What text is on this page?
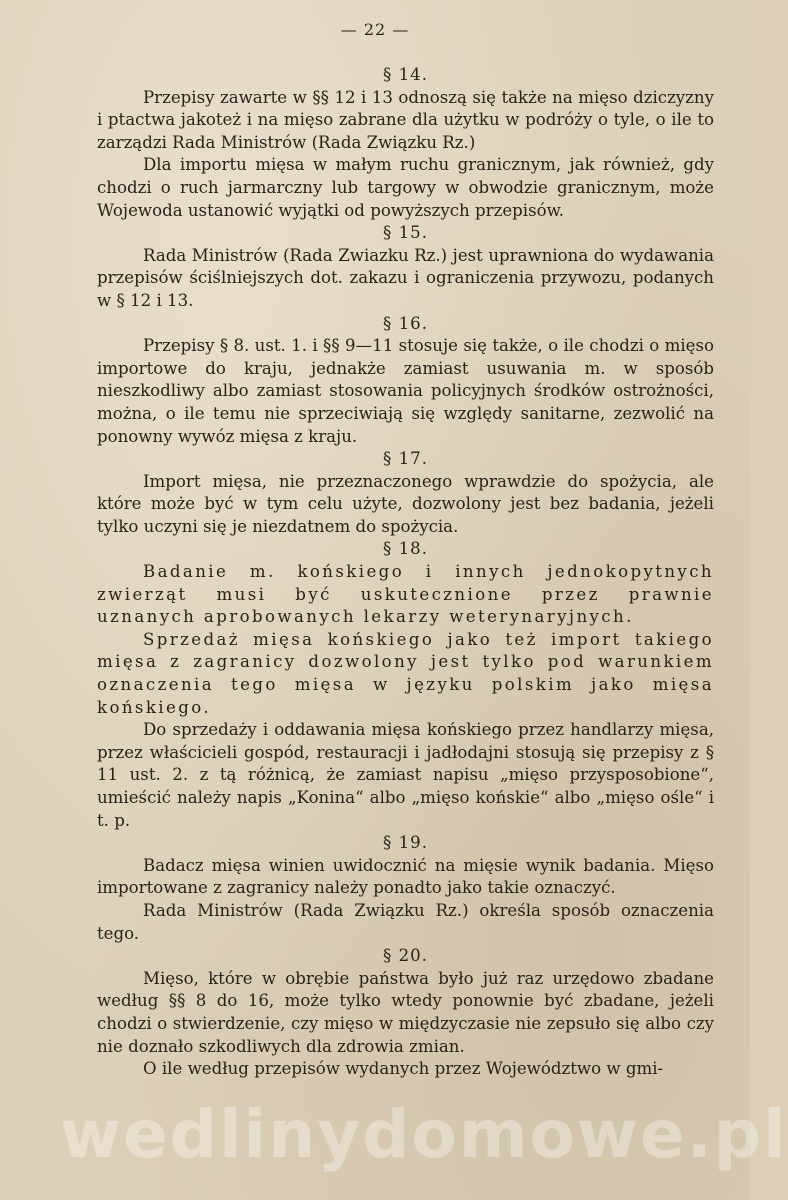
— 22 —
§ 14.

Przepisy zawarte w §§ 12 i 13 odnoszą się także na mięso dziczyzny i ptactwa jakoteż i na mięso zabrane dla użytku w podróży o tyle, o ile to zarządzi Rada Ministrów (Rada Związku Rz.)

Dla importu mięsa w małym ruchu granicznym, jak również, gdy chodzi o ruch jarmarczny lub targowy w obwodzie granicznym, może Wojewoda ustanowić wyjątki od powyższych przepisów.

§ 15.

Rada Ministrów (Rada Zwiazku Rz.) jest uprawniona do wydawania przepisów ściślniejszych dot. zakazu i ograniczenia przywozu, podanych w § 12 i 13.

§ 16.

Przepisy § 8. ust. 1. i §§ 9—11 stosuje się także, o ile chodzi o mięso importowe do kraju, jednakże zamiast usuwania m. w sposób nieszkodliwy albo zamiast stosowania policyjnych środków ostrożności, można, o ile temu nie sprzeciwiają się względy sanitarne, zezwolić na ponowny wywóz mięsa z kraju.

§ 17.

Import mięsa, nie przeznaczonego wprawdzie do spożycia, ale które może być w tym celu użyte, dozwolony jest bez badania, jeżeli tylko uczyni się je niezdatnem do spożycia.

§ 18.

Badanie m. końskiego i innych jednokopytnych zwierząt musi być uskutecznione przez prawnie uznanych aprobowanych lekarzy weterynaryjnych.

Sprzedaż mięsa końskiego jako też import takiego mięsa z zagranicy dozwolony jest tylko pod warunkiem oznaczenia tego mięsa w języku polskim jako mięsa końskiego.

Do sprzedaży i oddawania mięsa końskiego przez handlarzy mięsa, przez właścicieli gospód, restauracji i jadłodajni stosują się przepisy z § 11 ust. 2. z tą różnicą, że zamiast napisu „mięso przysposobione“, umieścić należy napis „Konina“ albo „mięso końskie“ albo „mięso ośle“ i t. p.

§ 19.

Badacz mięsa winien uwidocznić na mięsie wynik badania. Mięso importowane z zagranicy należy ponadto jako takie oznaczyć.

Rada Ministrów (Rada Związku Rz.) określa sposób oznaczenia tego.

§ 20.

Mięso, które w obrębie państwa było już raz urzędowo zbadane według §§ 8 do 16, może tylko wtedy ponownie być zbadane, jeżeli chodzi o stwierdzenie, czy mięso w międzyczasie nie zepsuło się albo czy nie doznało szkodliwych dla zdrowia zmian.

O ile według przepisów wydanych przez Województwo w gmi-

wedlinydomowe.pl
